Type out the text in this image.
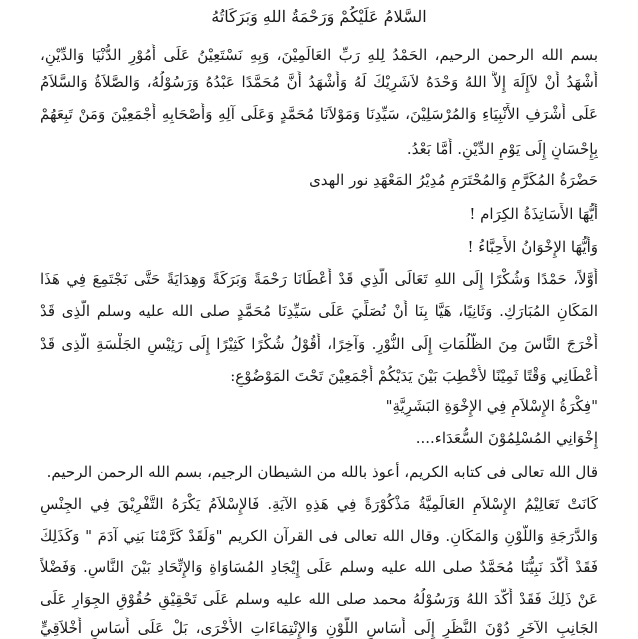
السَّلامُ عَلَيْكُمْ وَرَحْمَةُ اللهِ وَبَرَكَاتُهُ
بسم الله الرحمن الرحيم، الحَمْدُ لِلهِ رَبِّ العَالَمِيْنَ، وَبِهِ نَسْتَعِيْنُ عَلَى أُمُوْرِ الدُّنْيَا وَالدِّيْنِ،
أَشْهَدُ أَنْ لاَإِلَهَ إِلاَّ اللهُ وَحْدَهُ لاَشَرِيْكَ لَهُ وَأَشْهَدُ أَنَّ مُحَمَّدًا عَبْدُهُ وَرَسُوْلُهُ، وَالصَّلاَةُ وَالسَّلاَمُ
عَلَى أَشْرَفِ الأَنْبِيَاءِ وَالمُرْسَلِيْنَ، سَيِّدِنَا وَمَوْلاَنَا مُحَمَّدٍ وَعَلَى آلِهِ وَأَصْحَابِهِ أَجْمَعِيْنَ وَمَنْ تَبِعَهُمْ
بِإِحْسَانٍ إِلَى يَوْمِ الدِّيْنِ. أَمَّا بَعْدُ.
حَضْرَةُ المُكَرَّمِ وَالمُحْتَرَمِ مُدِيْرُ المَعْهَدِ نور الهدى
أَيُّهَا الأَسَاتِذَةُ الكِرَام !
وَأَيُّهَا الإِخْوَانُ الأَحِبَّاءُ !
أَوَّلاً، حَمْدًا وَشُكْرًا إِلَى اللهِ تَعَالَى الَّذِي قَدْ أَعْطَانَا رَحْمَةً وَبَرَكَةً وَهِدَايَةً حَتَّى نَجْتَمِعَ فِي هَذَا
المَكَانِ المُبَارَكِ. وَثَانِيًا، هَيَّا بِنَا أَنْ نُصَلِّيَ عَلَى سَيِّدِنَا مُحَمَّدٍ صلى الله عليه وسلم الَّذِى قَدْ
أَخْرَجَ النَّاسَ مِنَ الظُّلُمَاتِ إِلَى النُّوْرِ. وَآخِرًا، أَقُوْلُ شُكْرًا كَثِيْرًا إِلَى رَئِيْسِ الجَلْسَةِ الَّذِى قَدْ
أَعْطَانِي وَقْتًا ثَمِيْنًا لأُخْطِبَ بَيْنَ يَدَيْكُمْ أَجْمَعِيْنَ تَحْتَ المَوْضُوْعِ:
"فِكْرَةُ الإِسْلاَمِ فِي الإِخْوَةِ البَشَرِيَّةِ"
إِخْوَانِي المُسْلِمُوْنَ السُّعَدَاء....
قال الله تعالى فى كتابه الكريم، أعوذ بالله من الشيطان الرجيم، بسم الله الرحمن الرحيم.
كَانَتْ تَعَالِيْمُ الإِسْلاَمِ العَالَمِيَّةُ مَذْكُوْرَةً فِي هَذِهِ الآيَةِ. فَالإِسْلاَمُ يَكْرَهُ التَّفْرِيْقَ فِي الجِنْسِ
وَالدَّرَجَةِ وَاللَّوْنِ وَالمَكَانِ. وقال الله تعالى فى القرآن الكريم "وَلَقَدْ كَرَّمْنَا بَنِي آدَمَ " وَكَذَلِكَ
فَقَدْ أَكَّدَ نَبِيُّنَا مُحَمَّدٌ صلى الله عليه وسلم عَلَى إِيْجَادِ المُسَاوَاةِ وَالإِتِّحَادِ بَيْنَ النَّاسِ. وَفَضْلاً
عَنْ ذَلِكَ فَقَدْ أَكَّدَ اللهُ وَرَسُوْلُهُ محمد صلى الله عليه وسلم عَلَى تَحْقِيْقِ حُقُوْقِ الجِوَارِ عَلَى
الجَانِبِ الآخَرِ دُوْنَ النَّظَرِ إِلَى أَسَاسِ اللَّوْنِ وَالإِنْتِمَاءَاتِ الأُخْرَى، بَلْ عَلَى أَسَاسِ أَخْلاَقِيٍّ
